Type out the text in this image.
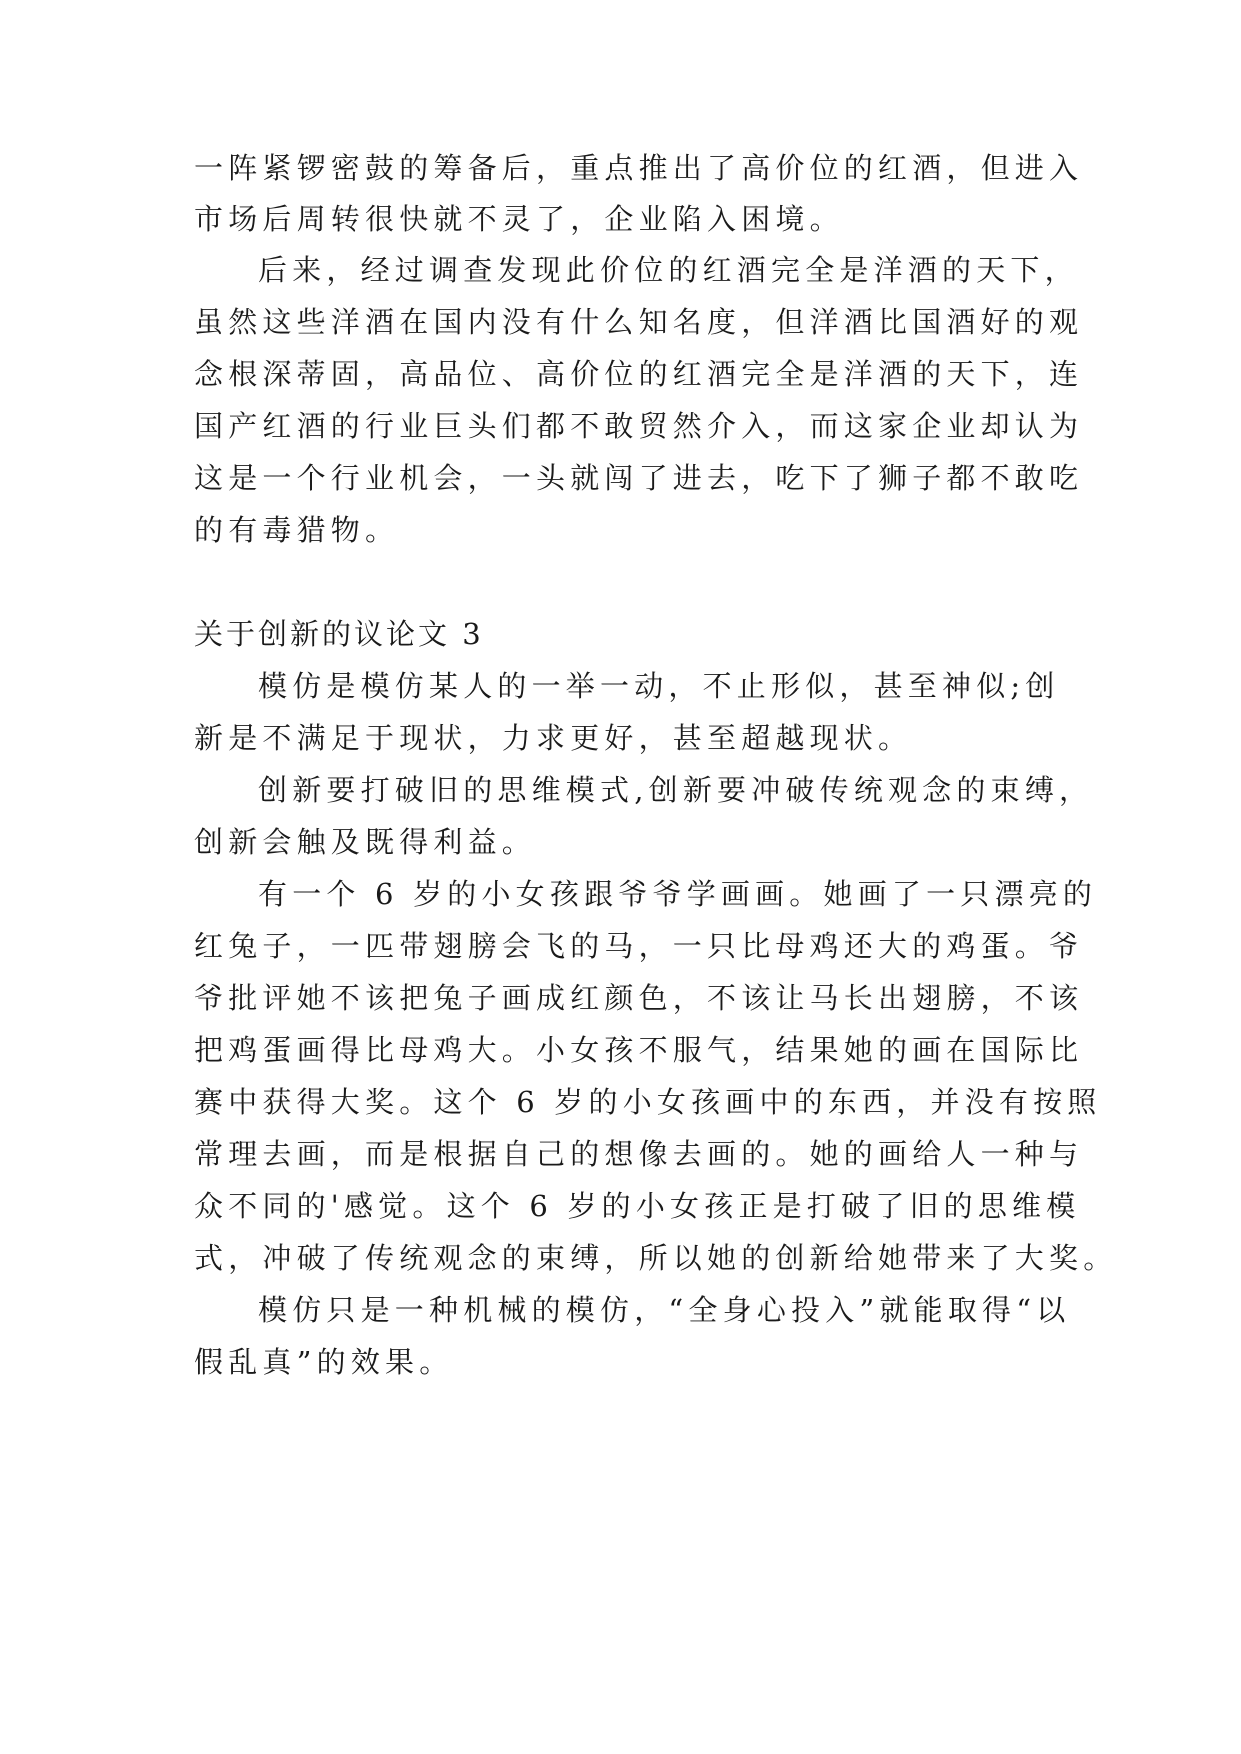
一阵紧锣密鼓的筹备后，重点推出了高价位的红酒，但进入
市场后周转很快就不灵了，企业陷入困境。
后来，经过调查发现此价位的红酒完全是洋酒的天下，
虽然这些洋酒在国内没有什么知名度，但洋酒比国酒好的观
念根深蒂固，高品位、高价位的红酒完全是洋酒的天下，连
国产红酒的行业巨头们都不敢贸然介入，而这家企业却认为
这是一个行业机会，一头就闯了进去，吃下了狮子都不敢吃
的有毒猎物。
关于创新的议论文 3
模仿是模仿某人的一举一动，不止形似，甚至神似;创
新是不满足于现状，力求更好，甚至超越现状。
创新要打破旧的思维模式,创新要冲破传统观念的束缚，
创新会触及既得利益。
有一个 6 岁的小女孩跟爷爷学画画。她画了一只漂亮的
红兔子，一匹带翅膀会飞的马，一只比母鸡还大的鸡蛋。爷
爷批评她不该把兔子画成红颜色，不该让马长出翅膀，不该
把鸡蛋画得比母鸡大。小女孩不服气，结果她的画在国际比
赛中获得大奖。这个 6 岁的小女孩画中的东西，并没有按照
常理去画，而是根据自己的想像去画的。她的画给人一种与
众不同的'感觉。这个 6 岁的小女孩正是打破了旧的思维模
式，冲破了传统观念的束缚，所以她的创新给她带来了大奖。
模仿只是一种机械的模仿，“全身心投入”就能取得“以
假乱真”的效果。
